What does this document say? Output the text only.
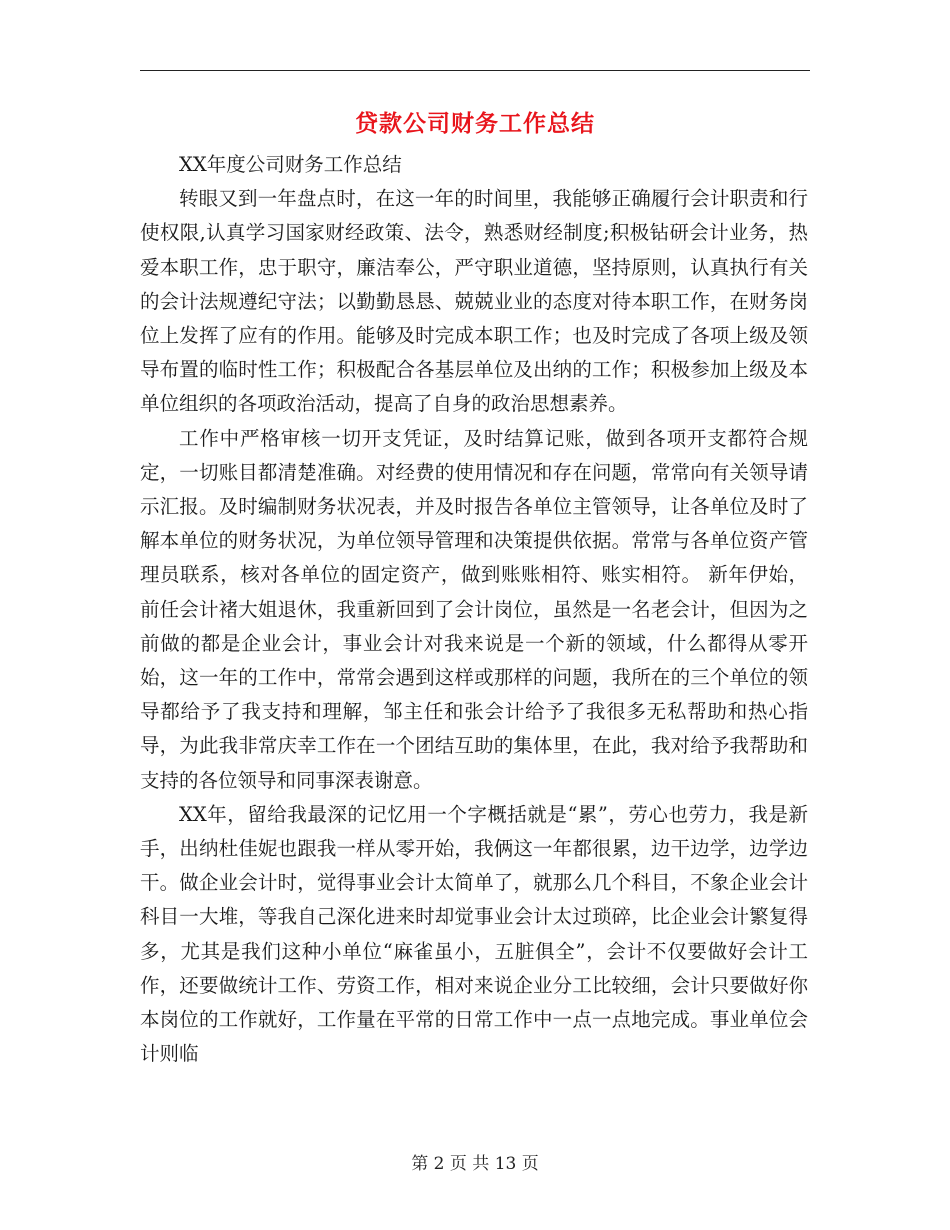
贷款公司财务工作总结

XX年度公司财务工作总结

转眼又到一年盘点时，在这一年的时间里，我能够正确履行会计职责和行使权限,认真学习国家财经政策、法令，熟悉财经制度;积极钻研会计业务，热爱本职工作，忠于职守，廉洁奉公，严守职业道德，坚持原则，认真执行有关的会计法规遵纪守法；以勤勤恳恳、兢兢业业的态度对待本职工作，在财务岗位上发挥了应有的作用。能够及时完成本职工作；也及时完成了各项上级及领导布置的临时性工作；积极配合各基层单位及出纳的工作；积极参加上级及本单位组织的各项政治活动，提高了自身的政治思想素养。

工作中严格审核一切开支凭证，及时结算记账，做到各项开支都符合规定，一切账目都清楚准确。对经费的使用情况和存在问题，常常向有关领导请示汇报。及时编制财务状况表，并及时报告各单位主管领导，让各单位及时了解本单位的财务状况，为单位领导管理和决策提供依据。常常与各单位资产管理员联系，核对各单位的固定资产，做到账账相符、账实相符。 新年伊始，前任会计褚大姐退休，我重新回到了会计岗位，虽然是一名老会计，但因为之前做的都是企业会计，事业会计对我来说是一个新的领域，什么都得从零开始，这一年的工作中，常常会遇到这样或那样的问题，我所在的三个单位的领导都给予了我支持和理解，邹主任和张会计给予了我很多无私帮助和热心指导，为此我非常庆幸工作在一个团结互助的集体里，在此，我对给予我帮助和支持的各位领导和同事深表谢意。

XX年，留给我最深的记忆用一个字概括就是“累”，劳心也劳力，我是新手，出纳杜佳妮也跟我一样从零开始，我俩这一年都很累，边干边学，边学边干。做企业会计时，觉得事业会计太简单了，就那么几个科目，不象企业会计科目一大堆，等我自己深化进来时却觉事业会计太过琐碎，比企业会计繁复得多，尤其是我们这种小单位“麻雀虽小，五脏俱全”，会计不仅要做好会计工作，还要做统计工作、劳资工作，相对来说企业分工比较细，会计只要做好你本岗位的工作就好，工作量在平常的日常工作中一点一点地完成。事业单位会计则临

第 2 页 共 13 页
